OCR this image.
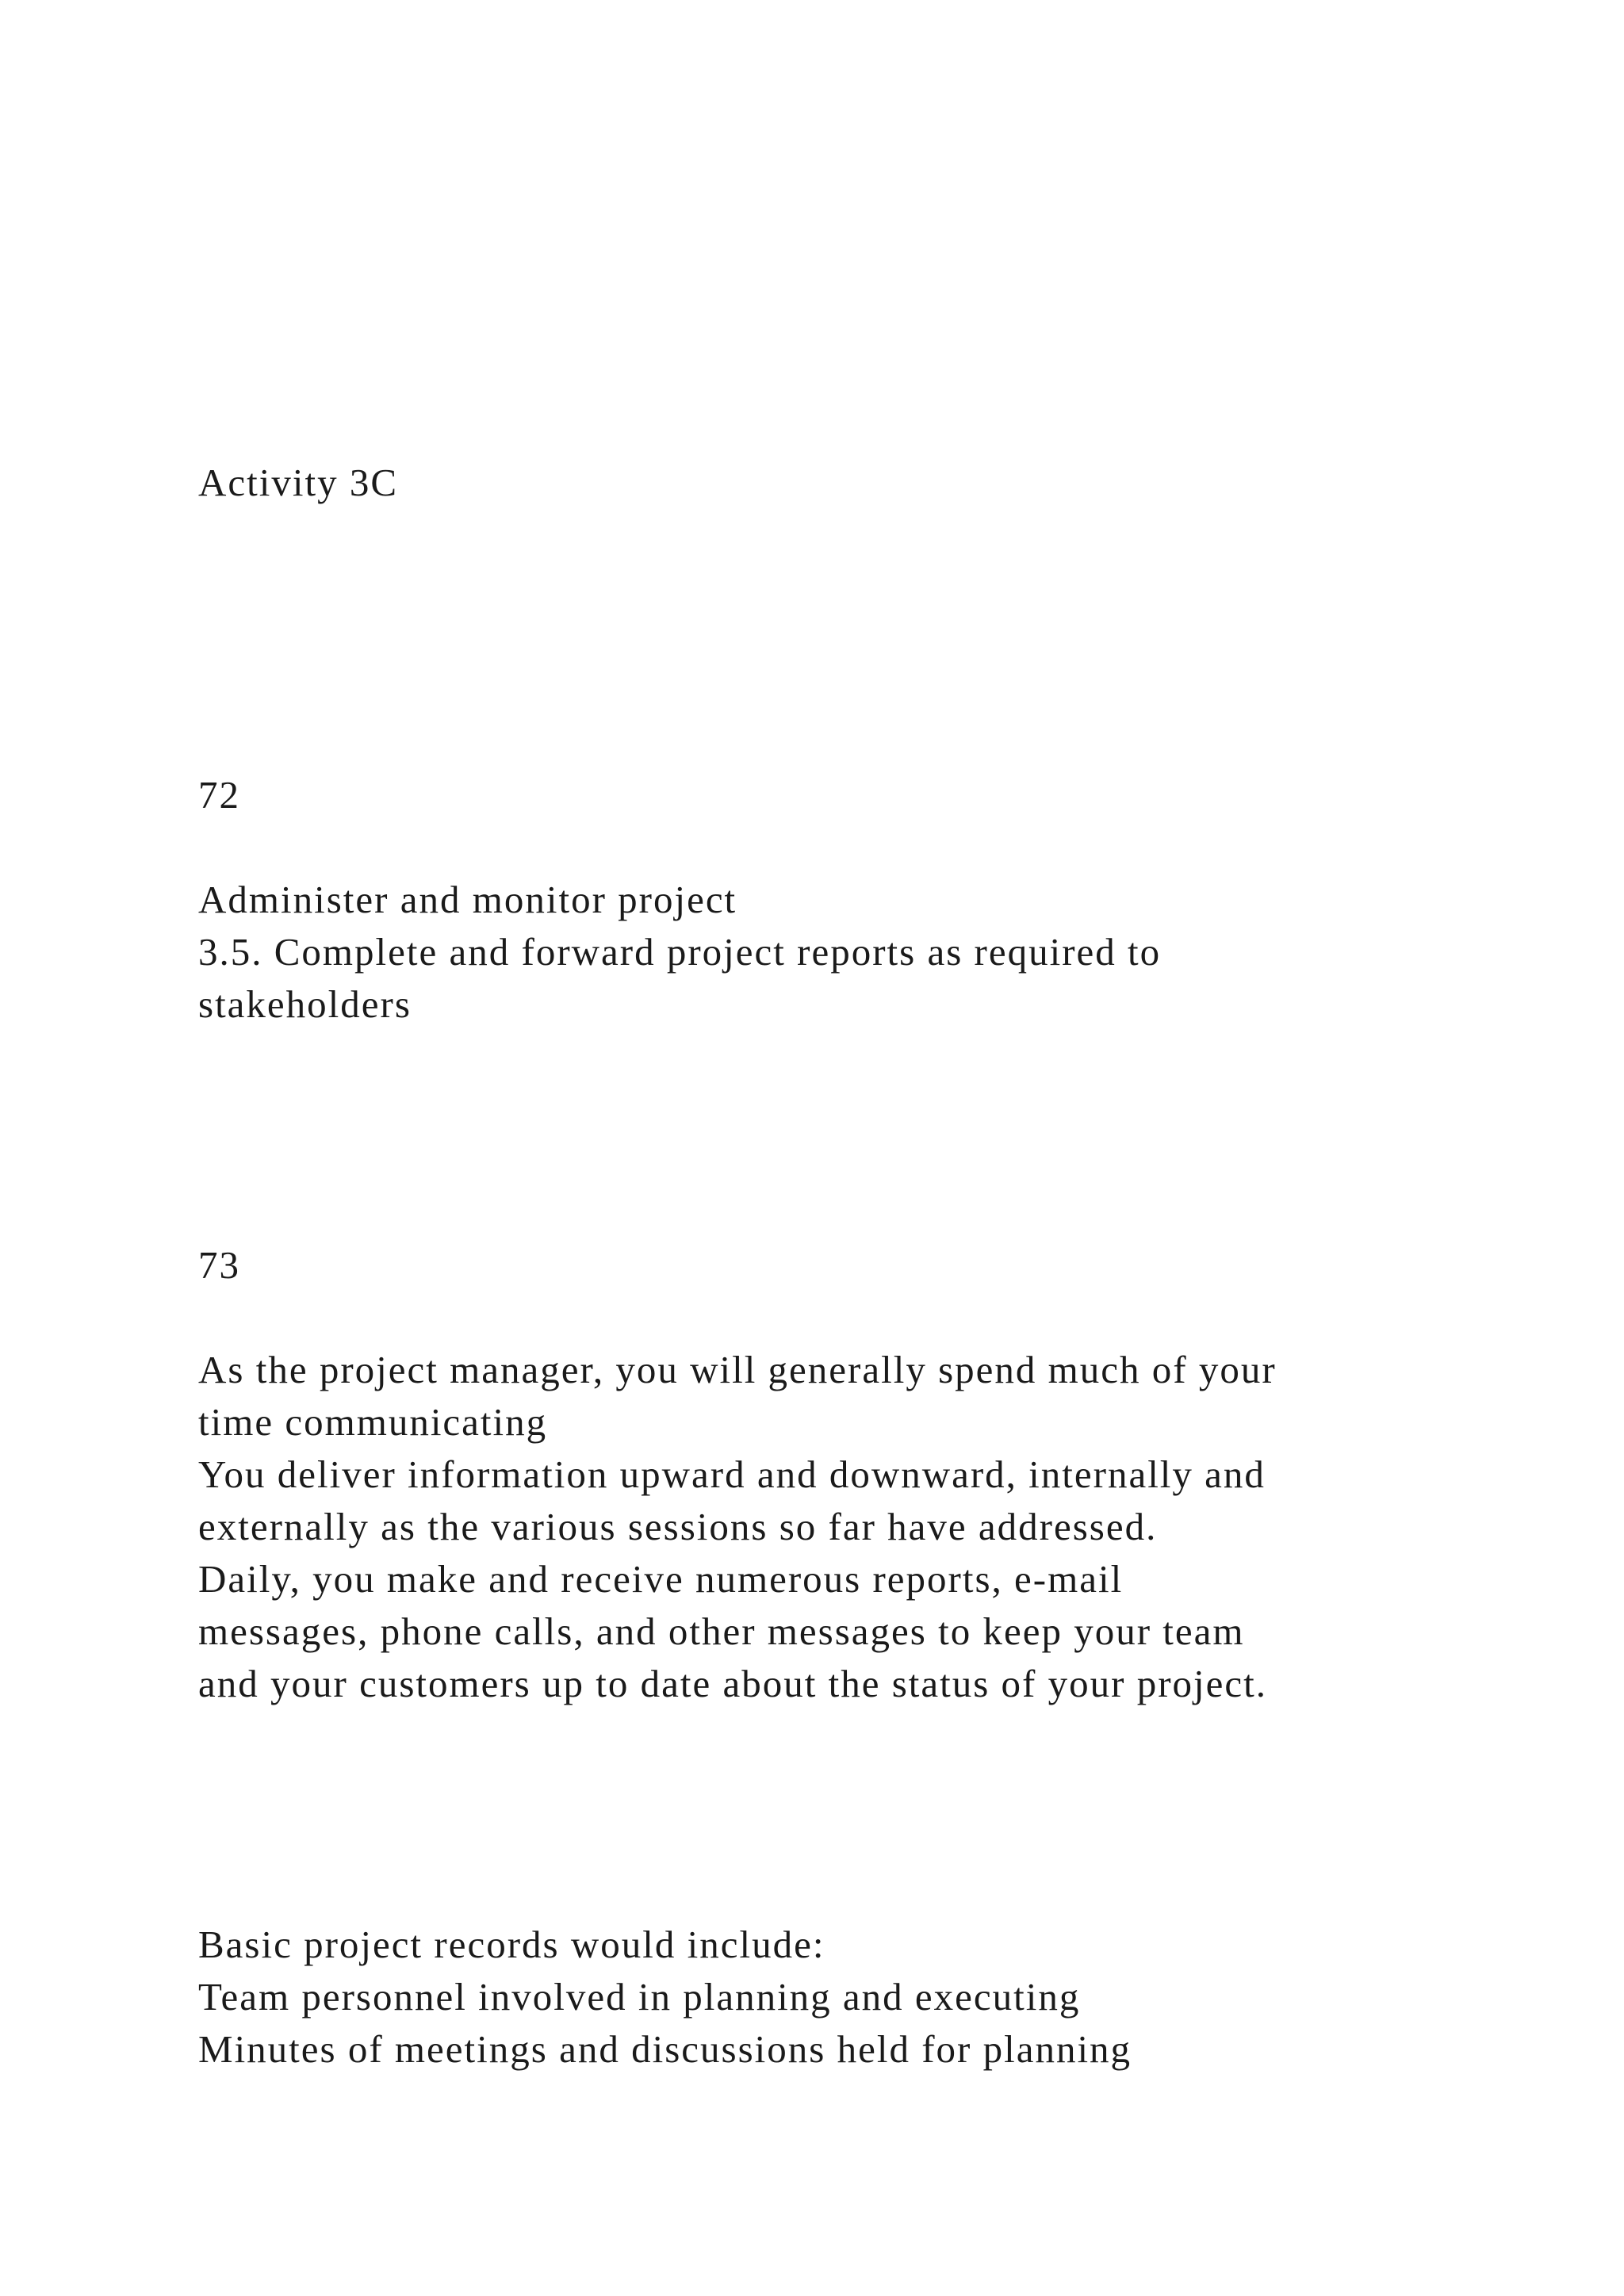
Activity 3C
72
Administer and monitor project
3.5. Complete and forward project reports as required to
stakeholders
73
As the project manager, you will generally spend much of your
time communicating
You deliver information upward and downward, internally and
externally as the various sessions so far have addressed.
Daily, you make and receive numerous reports, e-mail
messages, phone calls, and other messages to keep your team
and your customers up to date about the status of your project.
Basic project records would include:
Team personnel involved in planning and executing
Minutes of meetings and discussions held for planning
